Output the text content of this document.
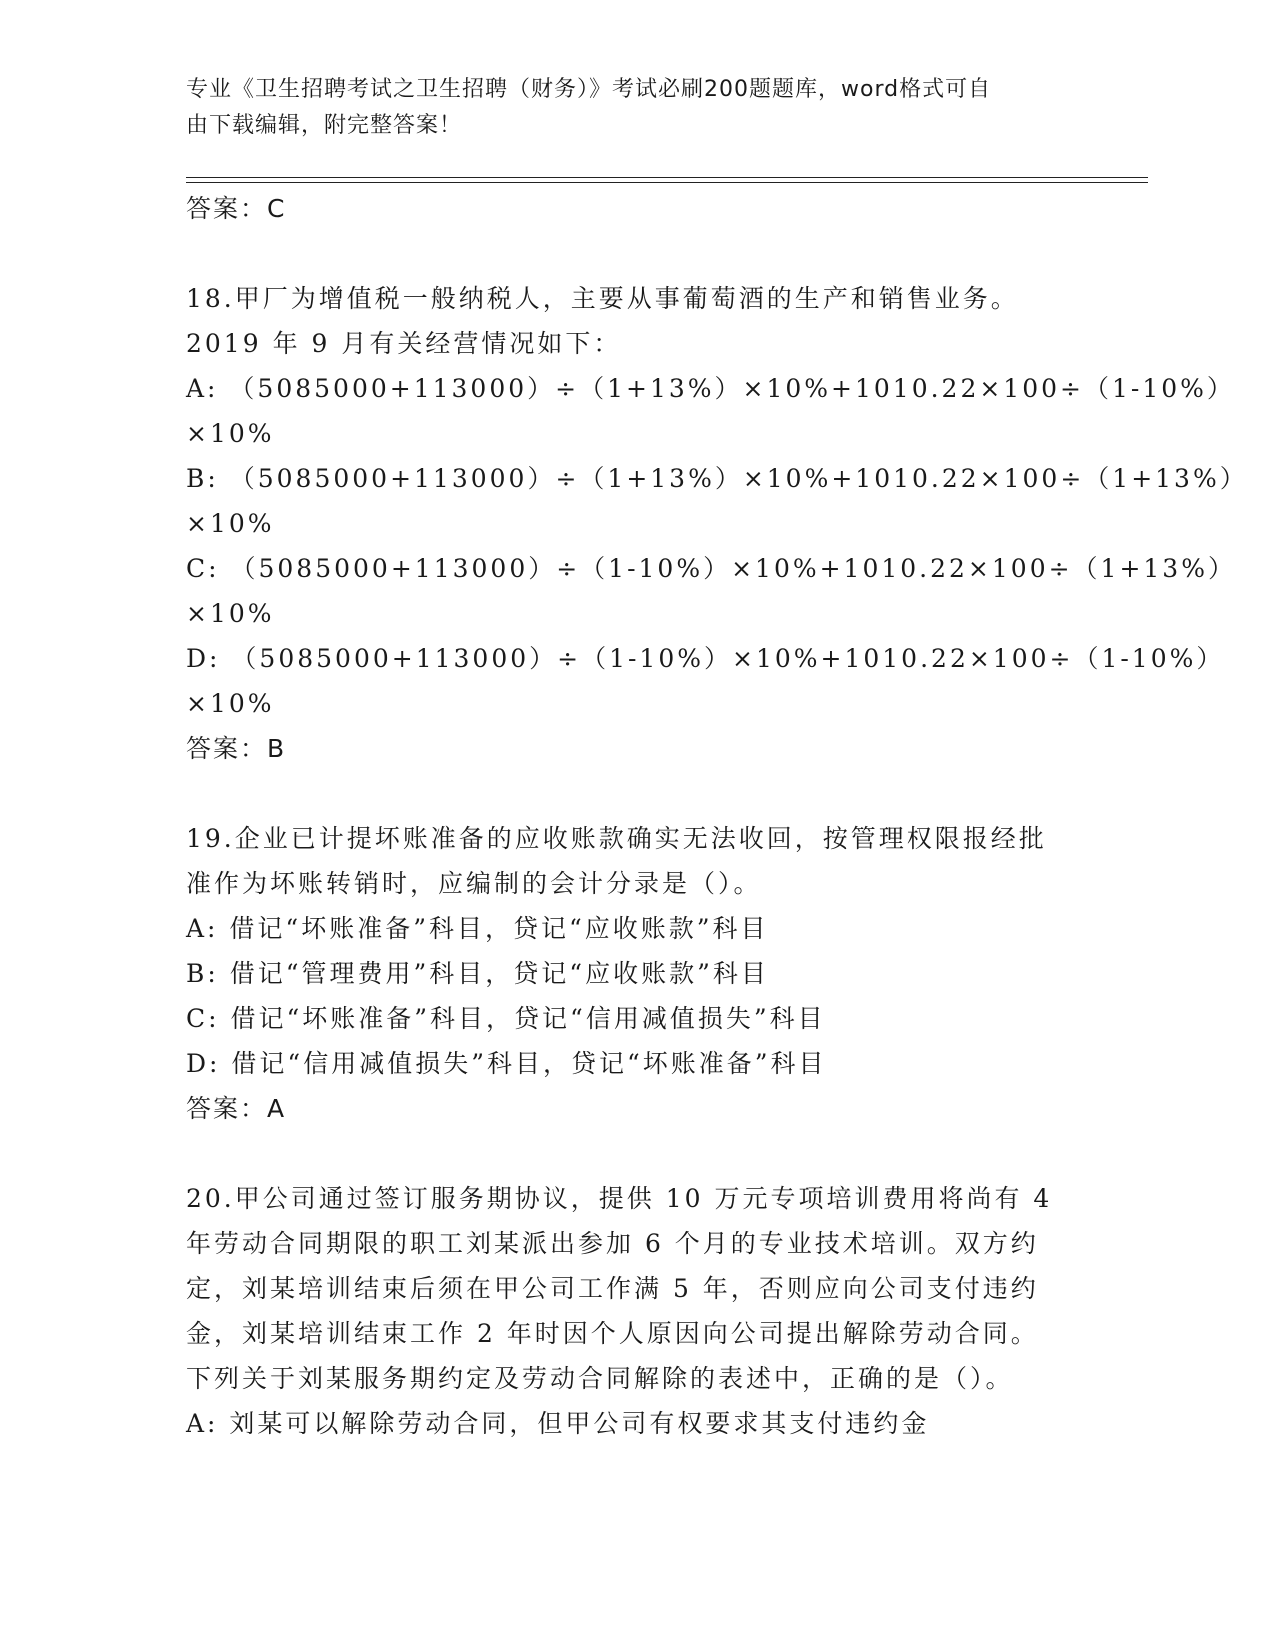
专业《卫生招聘考试之卫生招聘（财务）》考试必刷200题题库，word格式可自
由下载编辑，附完整答案！
答案：C
18.甲厂为增值税一般纳税人，主要从事葡萄酒的生产和销售业务。
2019 年 9 月有关经营情况如下：
A: （5085000+113000）÷（1+13%）×10%+1010.22×100÷（1-10%）
×10%
B: （5085000+113000）÷（1+13%）×10%+1010.22×100÷（1+13%）
×10%
C: （5085000+113000）÷（1-10%）×10%+1010.22×100÷（1+13%）
×10%
D: （5085000+113000）÷（1-10%）×10%+1010.22×100÷（1-10%）
×10%
答案：B
19.企业已计提坏账准备的应收账款确实无法收回，按管理权限报经批
准作为坏账转销时，应编制的会计分录是（）。
A: 借记“坏账准备”科目，贷记“应收账款”科目
B: 借记“管理费用”科目，贷记“应收账款”科目
C: 借记“坏账准备”科目，贷记“信用减值损失”科目
D: 借记“信用减值损失”科目，贷记“坏账准备”科目
答案：A
20.甲公司通过签订服务期协议，提供 10 万元专项培训费用将尚有 4
年劳动合同期限的职工刘某派出参加 6 个月的专业技术培训。双方约
定，刘某培训结束后须在甲公司工作满 5 年，否则应向公司支付违约
金，刘某培训结束工作 2 年时因个人原因向公司提出解除劳动合同。
下列关于刘某服务期约定及劳动合同解除的表述中，正确的是（）。
A: 刘某可以解除劳动合同，但甲公司有权要求其支付违约金
